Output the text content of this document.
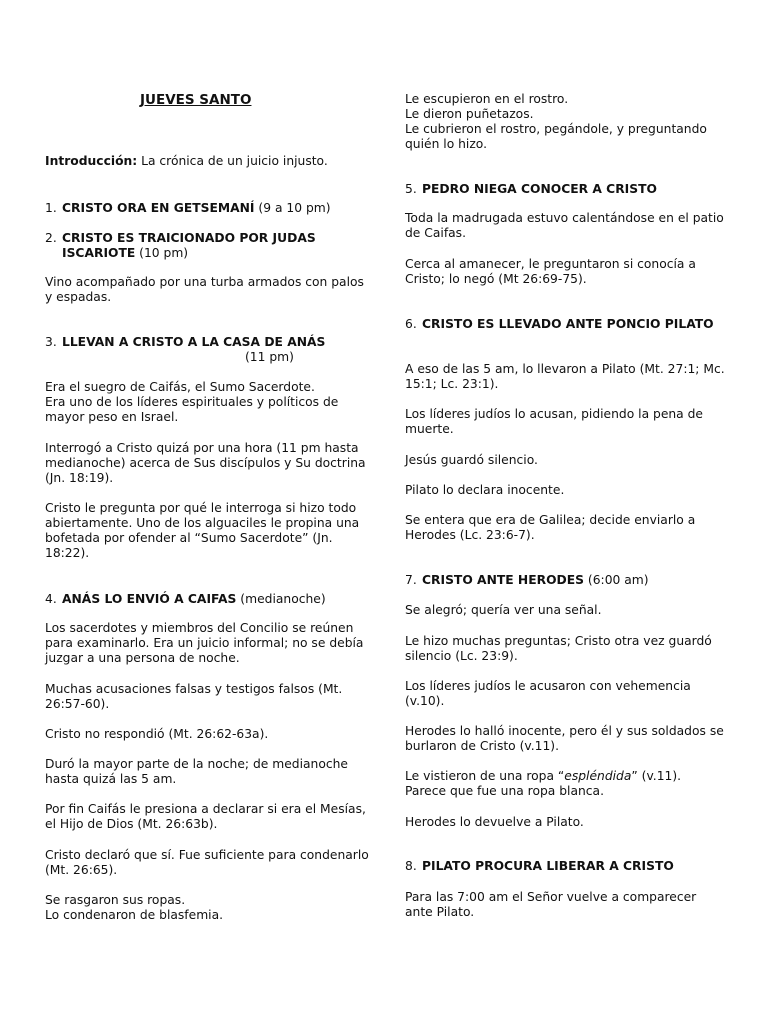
JUEVES SANTO

Introducción: La crónica de un juicio injusto.

1. CRISTO ORA EN GETSEMANÍ (9 a 10 pm)

2. CRISTO ES TRAICIONADO POR JUDAS ISCARIOTE (10 pm)

Vino acompañado por una turba armados con palos y espadas.

3. LLEVAN A CRISTO A LA CASA DE ANÁS
(11 pm)

Era el suegro de Caifás, el Sumo Sacerdote.
Era uno de los líderes espirituales y políticos de mayor peso en Israel.

Interrogó a Cristo quizá por una hora (11 pm hasta medianoche) acerca de Sus discípulos y Su doctrina (Jn. 18:19).

Cristo le pregunta por qué le interroga si hizo todo abiertamente. Uno de los alguaciles le propina una bofetada por ofender al “Sumo Sacerdote” (Jn. 18:22).

4. ANÁS LO ENVIÓ A CAIFAS (medianoche)

Los sacerdotes y miembros del Concilio se reúnen para examinarlo. Era un juicio informal; no se debía juzgar a una persona de noche.

Muchas acusaciones falsas y testigos falsos (Mt. 26:57-60).

Cristo no respondió (Mt. 26:62-63a).

Duró la mayor parte de la noche; de medianoche hasta quizá las 5 am.

Por fin Caifás le presiona a declarar si era el Mesías, el Hijo de Dios (Mt. 26:63b).

Cristo declaró que sí. Fue suficiente para condenarlo (Mt. 26:65).

Se rasgaron sus ropas.
Lo condenaron de blasfemia.

Le escupieron en el rostro.
Le dieron puñetazos.
Le cubrieron el rostro, pegándole, y preguntando quién lo hizo.

5. PEDRO NIEGA CONOCER A CRISTO

Toda la madrugada estuvo calentándose en el patio de Caifas.

Cerca al amanecer, le preguntaron si conocía a Cristo; lo negó (Mt 26:69-75).

6. CRISTO ES LLEVADO ANTE PONCIO PILATO

A eso de las 5 am, lo llevaron a Pilato (Mt. 27:1; Mc. 15:1; Lc. 23:1).

Los líderes judíos lo acusan, pidiendo la pena de muerte.

Jesús guardó silencio.

Pilato lo declara inocente.

Se entera que era de Galilea; decide enviarlo a Herodes (Lc. 23:6-7).

7. CRISTO ANTE HERODES (6:00 am)

Se alegró; quería ver una señal.

Le hizo muchas preguntas; Cristo otra vez guardó silencio (Lc. 23:9).

Los líderes judíos le acusaron con vehemencia (v.10).

Herodes lo halló inocente, pero él y sus soldados se burlaron de Cristo (v.11).

Le vistieron de una ropa “espléndida” (v.11).
Parece que fue una ropa blanca.

Herodes lo devuelve a Pilato.

8. PILATO PROCURA LIBERAR A CRISTO

Para las 7:00 am el Señor vuelve a comparecer ante Pilato.
